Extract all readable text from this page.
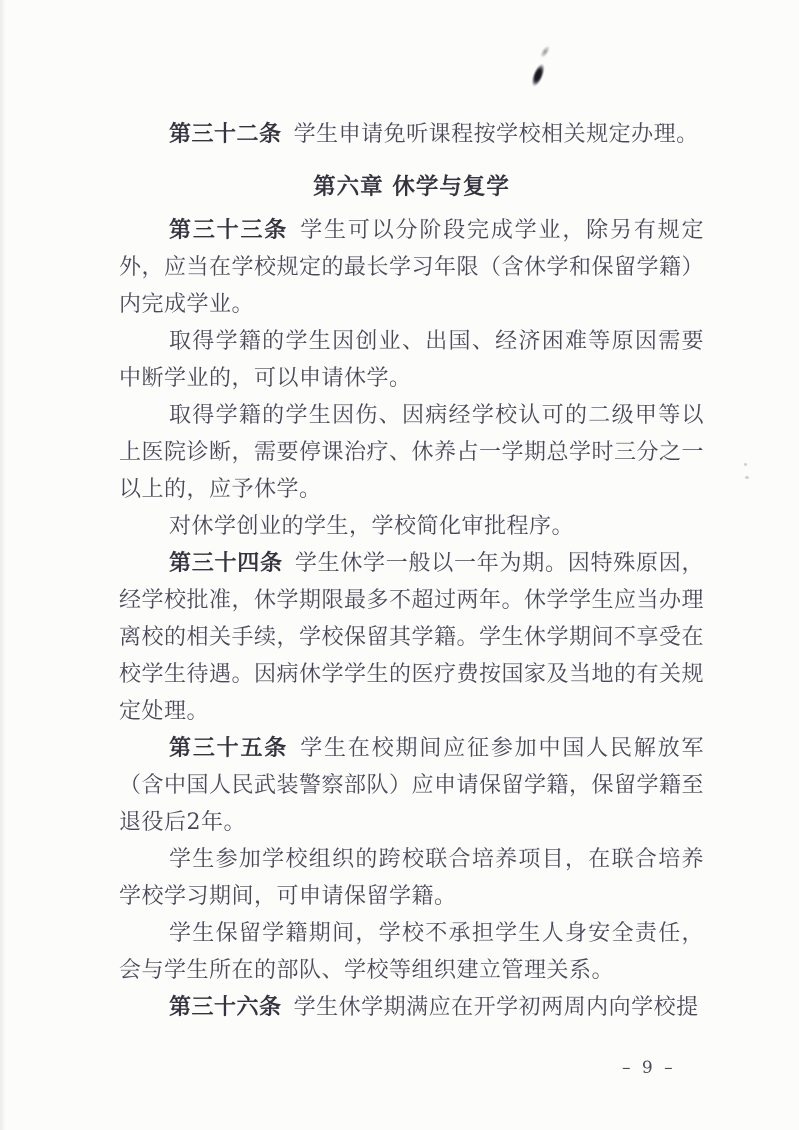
第三十二条 学生申请免听课程按学校相关规定办理。

第六章 休学与复学

第三十三条 学生可以分阶段完成学业，除另有规定外，应当在学校规定的最长学习年限（含休学和保留学籍）内完成学业。

取得学籍的学生因创业、出国、经济困难等原因需要中断学业的，可以申请休学。

取得学籍的学生因伤、因病经学校认可的二级甲等以上医院诊断，需要停课治疗、休养占一学期总学时三分之一以上的，应予休学。

对休学创业的学生，学校简化审批程序。

第三十四条 学生休学一般以一年为期。因特殊原因，经学校批准，休学期限最多不超过两年。休学学生应当办理离校的相关手续，学校保留其学籍。学生休学期间不享受在校学生待遇。因病休学学生的医疗费按国家及当地的有关规定处理。

第三十五条 学生在校期间应征参加中国人民解放军（含中国人民武装警察部队）应申请保留学籍，保留学籍至退役后2年。

学生参加学校组织的跨校联合培养项目，在联合培养学校学习期间，可申请保留学籍。

学生保留学籍期间，学校不承担学生人身安全责任，会与学生所在的部队、学校等组织建立管理关系。

第三十六条 学生休学期满应在开学初两周内向学校提

– 9 –
